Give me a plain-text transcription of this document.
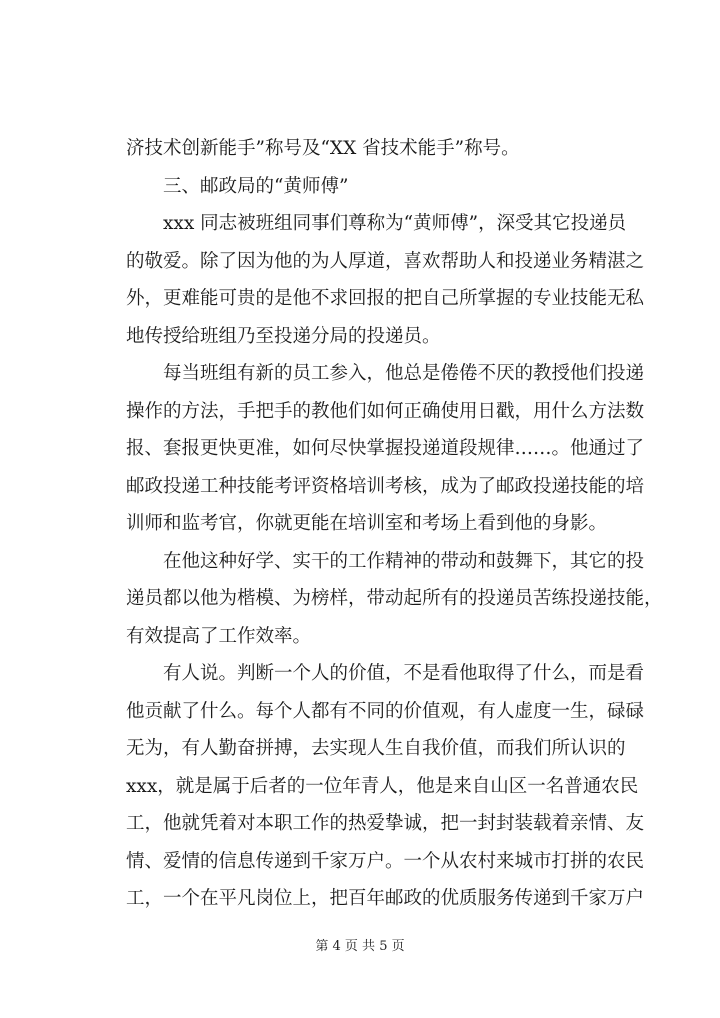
济技术创新能手”称号及“XX 省技术能手”称号。
三、邮政局的“黄师傅”
xxx 同志被班组同事们尊称为“黄师傅”，深受其它投递员
的敬爱。除了因为他的为人厚道，喜欢帮助人和投递业务精湛之
外，更难能可贵的是他不求回报的把自己所掌握的专业技能无私
地传授给班组乃至投递分局的投递员。
每当班组有新的员工参入，他总是倦倦不厌的教授他们投递
操作的方法，手把手的教他们如何正确使用日戳，用什么方法数
报、套报更快更准，如何尽快掌握投递道段规律……。他通过了
邮政投递工种技能考评资格培训考核，成为了邮政投递技能的培
训师和监考官，你就更能在培训室和考场上看到他的身影。
在他这种好学、实干的工作精神的带动和鼓舞下，其它的投
递员都以他为楷模、为榜样，带动起所有的投递员苦练投递技能，
有效提高了工作效率。
有人说。判断一个人的价值，不是看他取得了什么，而是看
他贡献了什么。每个人都有不同的价值观，有人虚度一生，碌碌
无为，有人勤奋拼搏，去实现人生自我价值，而我们所认识的
xxx，就是属于后者的一位年青人，他是来自山区一名普通农民
工，他就凭着对本职工作的热爱挚诚，把一封封装载着亲情、友
情、爱情的信息传递到千家万户。一个从农村来城市打拼的农民
工，一个在平凡岗位上，把百年邮政的优质服务传递到千家万户
第 4 页 共 5 页
